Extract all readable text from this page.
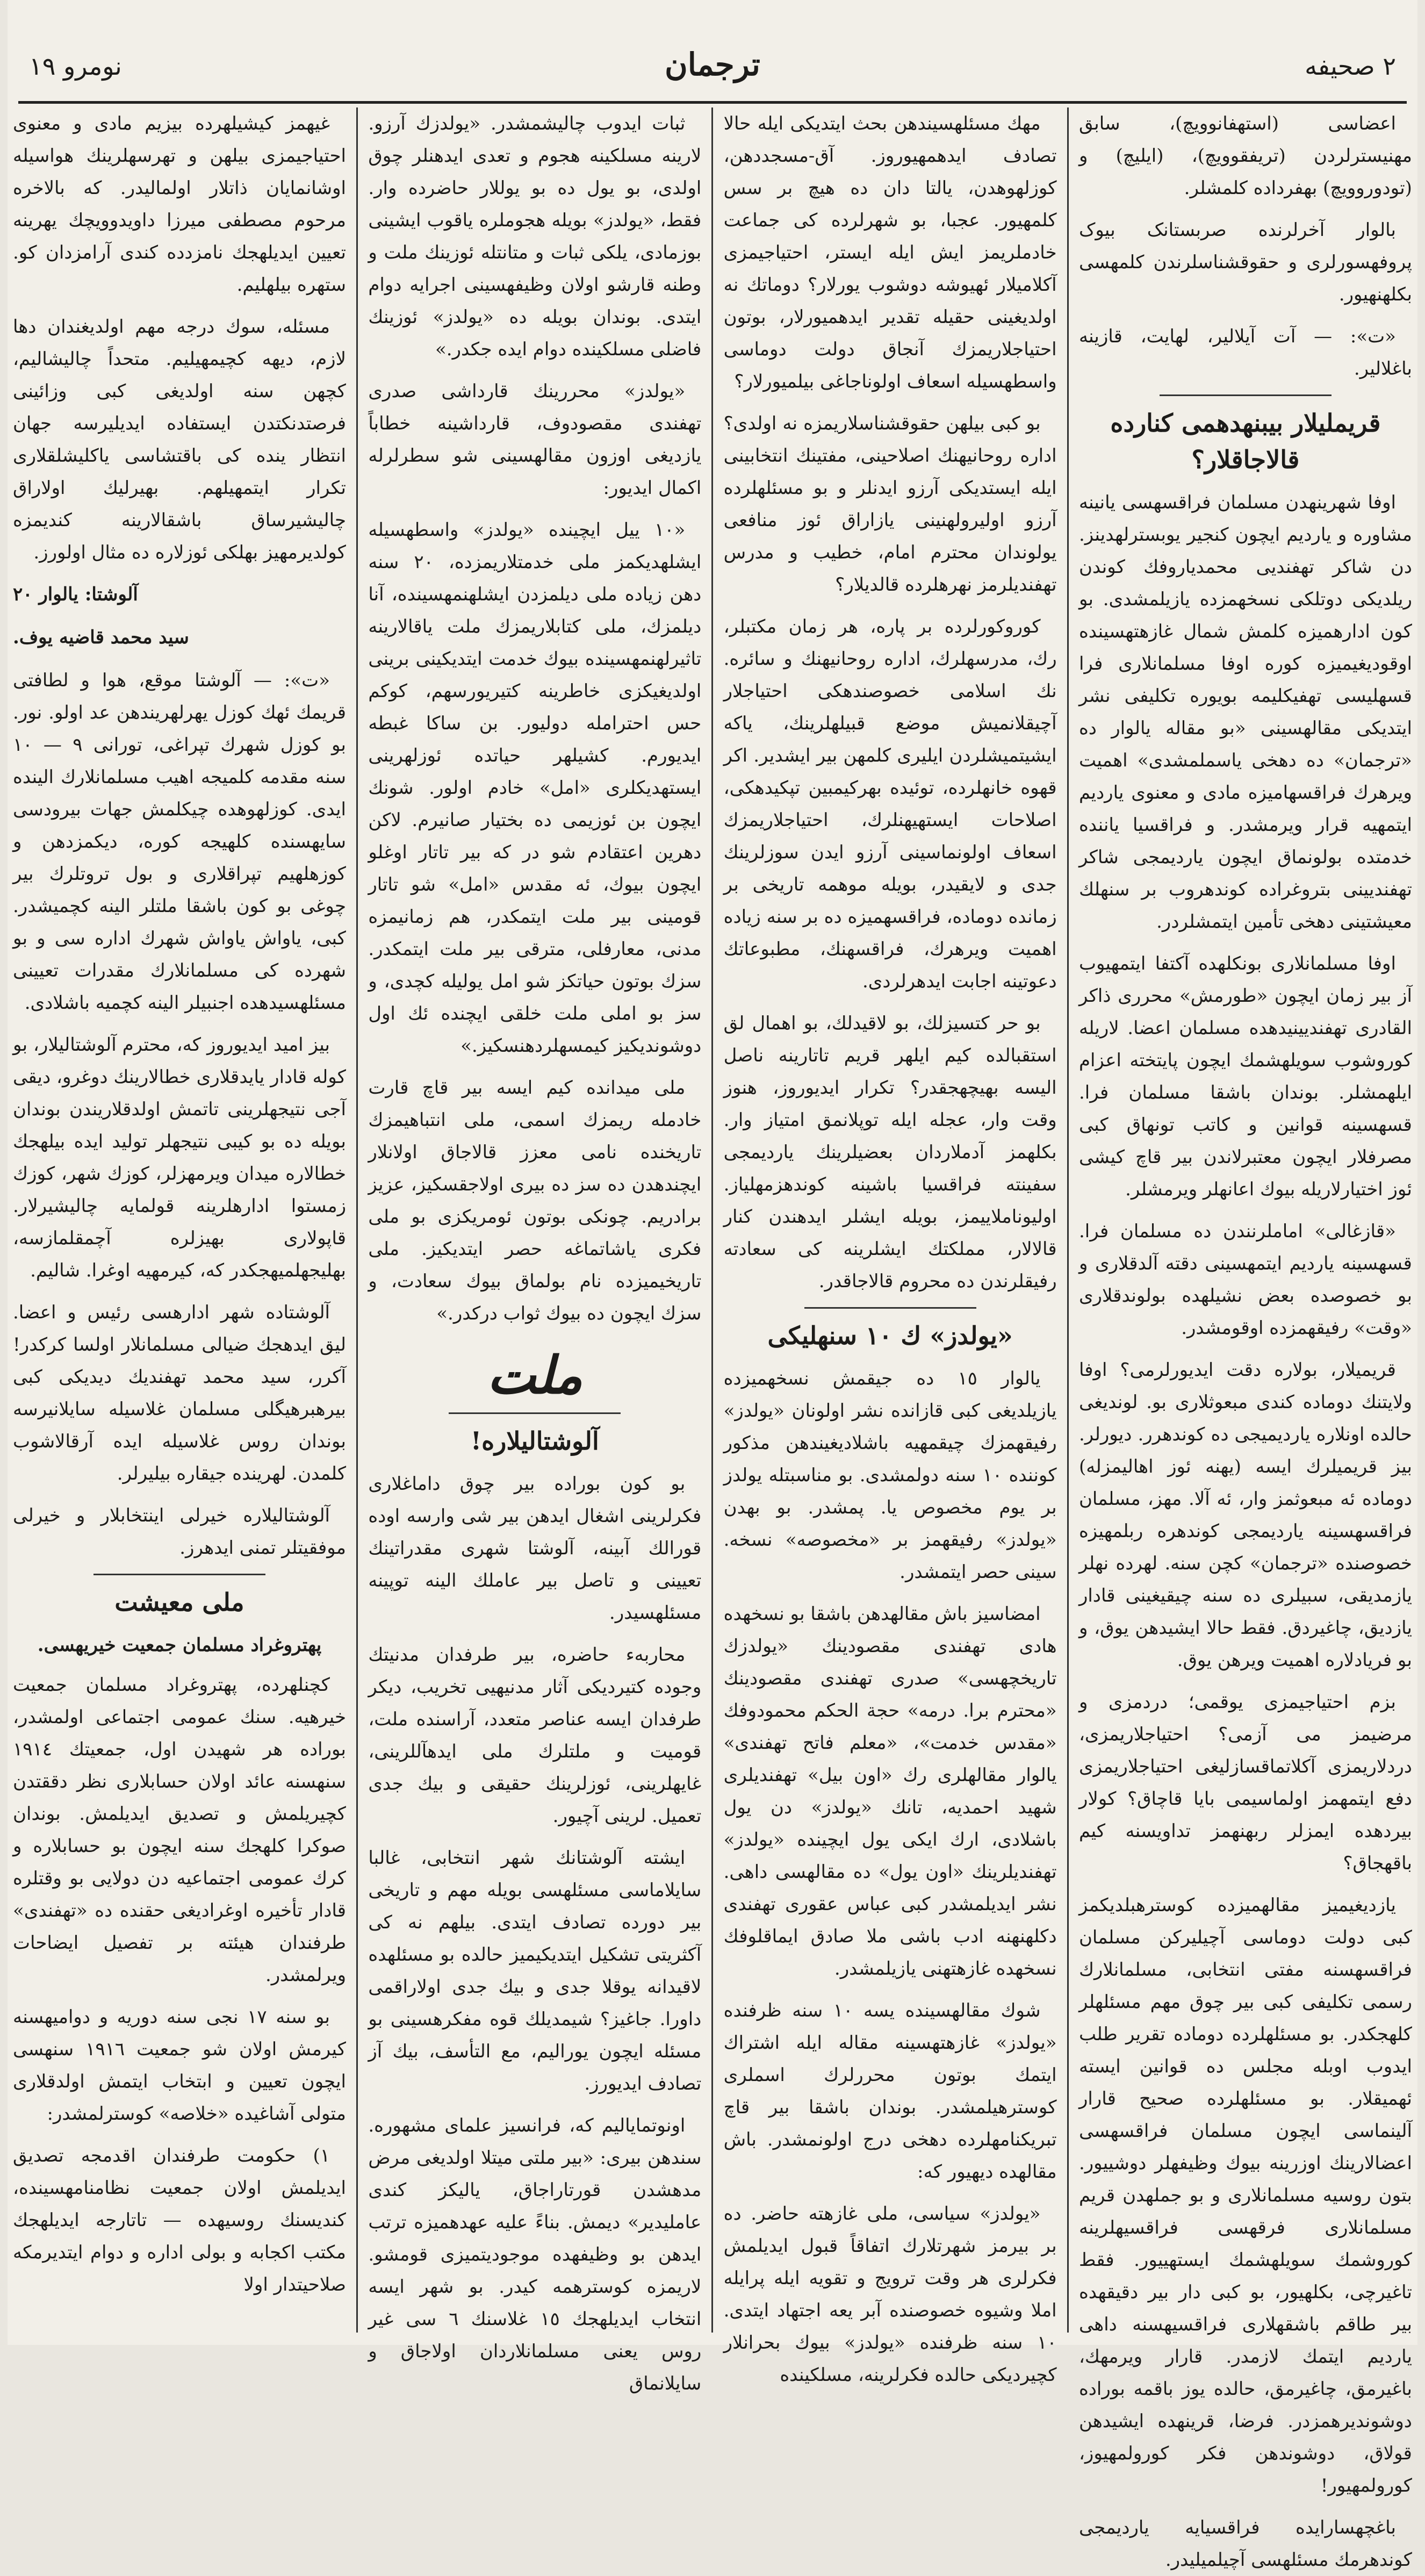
نومرو ١٩	ترجمان	٢ صحيفه

اعضاسی (استهفانوویچ)، سابق مهنیسترلردن (تریفقوویچ)، (ایلیچ) و (تودوروویچ) بهفرداده کلمشلر.

بالوار آخرلرنده صربستانک بیوک پروفهسورلری و حقوقشناسلرندن کلمهسی بکلهنهیور.

«ت»: — آت آیلالیر، لهایت، قازینه باغلالیر.

قریملیلار بیبنهدهمی کنارده قالاجاقلار؟

اوفا شهرینهدن مسلمان فراقسهسی یانینه مشاوره و یاردیم ایچون کنجیر یوبسترلهدینز. دن شاکر تهفندیی محمدیاروفك کوندن ریلدیکی دوتلکی نسخهمزده یازیلمشدی. بو کون ادارهمیزه کلمش شمال غازهتهسینده اوقودیغیمیزه کوره اوفا مسلمانلاری فرا قسهلیسی تهفیکلیمه بویوره تکلیفی نشر ایتدیکی مقالهسینی «بو مقاله یالوار ده «ترجمان» ده دهخی یاسملمشدی» اهمیت ویرهرك فراقسهامیزه مادی و معنوی یاردیم ایتمهیه قرار ویرمشدر. و فراقسیا یاننده خدمتده بولونماق ایچون یاردیمجی شاکر تهفندیینی بتروغراده کوندهروب بر سنهلك معیشتینی دهخی تأمین ایتمشلردر.

اوفا مسلمانلاری بونکلهده آکتفا ایتمهیوب آز بیر زمان ایچون «طورمش» محرری ذاکر القادری تهفندیینیدهده مسلمان اعضا. لاریله کوروشوب سویلهشمك ایچون پایتخته اعزام ایلهمشلر. بوندان باشقا مسلمان فرا. قسهسینه قوانین و کاتب تونهاق کبی مصرفلار ایچون معتبرلاندن بیر قاچ کیشی ئوز اختیارلاریله بیوك اعانهلر ویرمشلر.

«قازغالی» اماملرنندن ده مسلمان فرا. قسهسینه یاردیم ایتمهسینی دقته آلدقلاری و بو خصوصده بعض نشیلهده بولوندقلاری «وقت» رفیقهمزده اوقومشدر.

قریمیلار، بولاره دقت ایدیورلرمی؟ اوفا ولایتنك دوماده کندی مبعوثلاری بو. لوندیغی حالده اونلاره یاردیمیجی ده کوندهرر. دیورلر. بیز قریمیلرك ایسه (یهنه ئوز اهالیمزله) دوماده ئه مبعوثمز وار، ئه آلا. مهز، مسلمان فراقسهسینه یاردیمجی کوندهره ربلمهیزه خصوصنده «ترجمان» کچن سنه. لهرده نهلر یازمدیقی، سبیلری ده سنه چیقیغینی قادار یازدیق، چاغیردق. فقط حالا ایشیدهن یوق، و بو فریادلاره اهمیت ویرهن یوق.

بزم احتیاجیمزی یوقمی؛ دردمزی و مرضیمز می آزمی؟ احتیاجلاریمزی، دردلاریمزی آکلاتماقسازلیغی احتیاجلاریمزی دفع ایتمهمز اولماسیمی بایا قاچاق؟ کولار بیردهده ایمزلر ربهنهمز تداویسنه کیم باقهجاق؟

یازدیغیمیز مقالهمیزده کوسترهبلدیکمز کبی دولت دوماسی آچیلیرکن مسلمان فراقسهسنه مفتی انتخابی، مسلمانلارك رسمی تکلیفی کبی بیر چوق مهم مسئلهلر کلهجکدر. بو مسئلهلرده دوماده تقریر طلب ایدوب اوبله مجلس ده قوانین ایسته ئهمیقلار. بو مسئلهلرده صحیح قارار آلینماسی ایچون مسلمان فراقسهسی اعضالارینك اوزرینه بیوك وظیفهلر دوشییور. بتون روسیه مسلمانلاری و بو جملهدن قریم مسلمانلاری فرقهسی فراقسیهلرینه کوروشمك سویلهشمك ایستهییور. فقط تاغیرچی، بکلهیور، بو کبی دار بیر دقیقهده بیر طاقم باشقهلاری فراقسیهسنه داهی یاردیم ایتمك لازمدر. قارار ویرمهك، باغیرمق، چاغیرمق، حالده یوز باقمه بوراده دوشوندیرهمزدر. فرضا، قرینهده ایشیدهن قولاق، دوشوندهن فکر کورولمهیوز، کورولمهیور!

باغچهسارایده فراقسیایه یاردیمجی کوندهرمك مسئلهسی آچیلمیلیدر.

مهك مسئلهسیندهن بحث ایتدیکی ایله حالا تصادف ایدهمهیوروز. آق-مسجددهن، کوزلهوهدن، یالتا دان ده هیچ بر سس کلمهیور. عجبا، بو شهرلرده کی جماعت خادملریمز ایش ایله ایستر، احتیاجیمزی آکلامیلار ئهیوشه دوشوب یورلار؟ دوماتك نه اولدیغینی حقیله تقدیر ایدهمیورلار، بوتون احتیاجلاریمزك آنجاق دولت دوماسی واسطهسیله اسعاف اولوناجاغی بیلمیورلار؟

بو کبی بیلهن حقوقشناسلاریمزه نه اولدی؟ اداره روحانیهنك اصلاحینی، مفتینك انتخابینی ایله ایستدیکی آرزو ایدنلر و بو مسئلهلرده آرزو اولیرولهنینی یازاراق ئوز منافعی یولوندان محترم امام، خطیب و مدرس تهفندیلرمز نهرهلرده قالدیلار؟

کوروکورلرده بر پاره، هر زمان مکتبلر، رك، مدرسهلرك، اداره روحانیهنك و سائره. نك اسلامی خصوصندهکی احتیاجلار آچیقلانمیش موضع قبیلهلرینك، یاکه ایشیتمیشلردن ایلیری کلمهن بیر ایشدیر. اکر قهوه خانهلرده، توئیده بهرکیمبین تپکیدهکی، اصلاحات ایستهیهنلرك، احتیاجلاریمزك اسعاف اولونماسینی آرزو ایدن سوزلرینك جدی و لایقیدر، بویله موهمه تاریخی بر زمانده دوماده، فراقسهمیزه ده بر سنه زیاده اهمیت ویرهرك، فراقسهنك، مطبوعاتك دعوتینه اجابت ایدهرلردی.

بو حر کتسیزلك، بو لاقیدلك، بو اهمال لق استقبالده کیم ایلهر قریم تاتارینه ناصل الیسه بهیچهجقدر؟ تکرار ایدیوروز، هنوز وقت وار، عجله ایله توپلانمق امتیاز وار. بکلهمز آدملاردان بعضیلرینك یاردیمجی سفینته فراقسیا باشینه کوندهزمهلیاز. اولیوناملاییمز، بویله ایشلر ایدهندن کنار قالالار، مملکتك ایشلرینه کی سعادته رفیقلرندن ده محروم قالاجاقدر.

«یولدز» ك ١٠ سنهلیکی

یالوار ١٥ ده جیقمش نسخهمیزده یازیلدیغی کبی قازانده نشر اولونان «یولدز» رفیقهمزك چیقمهیه باشلادیغیندهن مذکور کوننده ١٠ سنه دولمشدی. بو مناسبتله یولدز بر یوم مخصوص یا. پمشدر. بو بهدن «یولدز» رفیقهمز بر «مخصوصه» نسخه. سینی حصر ایتمشدر.

امضاسیز باش مقالهدهن باشقا بو نسخهده هادی تهفندی مقصودینك «یولدزك تاریخچهسی» صدری تهفندی مقصودینك «محترم برا. درمه» حجة الحکم محمودوفك «مقدس خدمت»، «معلم فاتح تهفندی» یالوار مقالهلری رك «اون بیل» تهفندیلری شهید احمدیه، تانك «یولدز» دن یول باشلادی، ارك ایکی یول ایچینده «یولدز» تهفندیلرینك «اون یول» ده مقالهسی داهی. نشر ایدیلمشدر کبی عباس عقوری تهفندی دکلهنهنه ادب باشی ملا صادق ایماقلوفك نسخهده غازهتهنی یازیلمشدر.

شوك مقالهسینده یسه ١٠ سنه ظرفنده «یولدز» غازهتهسینه مقاله ایله اشتراك ایتمك بوتون محررلرك اسملری کوسترهیلمشدر. بوندان باشقا بیر قاچ تبریکنامهلرده دهخی درج اولونمشدر. باش مقالهده دیهیور که:

«یولدز» سیاسی، ملی غازهته حاضر. ده بر بیرمز شهرتلارك اتفاقاً قبول ایدیلمش فکرلری هر وقت ترویج و تقویه ایله پرایله املا وشیوه خصوصنده آبر یعه اجتهاد ایتدی. ١٠ سنه ظرفنده «یولدز» بیوك بحرانلار کچیردیکی حالده فکرلرینه، مسلکینده

ثبات ایدوب چالیشمشدر. «یولدزك آرزو. لارینه مسلکینه هجوم و تعدی ایدهنلر چوق اولدی، بو یول ده بو یوللار حاضرده وار. فقط، «یولدز» بویله هجوملره یاقوب ایشینی بوزمادی، یلکی ثبات و متانتله ئوزینك ملت و وطنه قارشو اولان وظیفهسینی اجرایه دوام ایتدی. بوندان بویله ده «یولدز» ئوزینك فاضلی مسلکینده دوام ایده جکدر.»

«یولدز» محررینك قارداشی صدری تهفندی مقصودوف، قارداشینه خطاباً یازدیغی اوزون مقالهسینی شو سطرلرله اکمال ایدیور:

«١٠ ییل ایچینده «یولدز» واسطهسیله ایشلهدیکمز ملی خدمتلاریمزده، ٢٠ سنه دهن زیاده ملی دیلمزدن ایشلهنمهسینده، آنا دیلمزك، ملی کتابلاریمزك ملت یاقالارینه تاثیرلهنمهسینده بیوك خدمت ایتدیکینی برینی اولدیغیکزی خاطرینه کتیریورسهم، کوکم حس احترامله دولیور. بن ساکا غبطه ایدیورم. کشیلهر حیاتده ئوزلهرینی ایستهدیکلری «امل» خادم اولور. شونك ایچون بن ئوزیمی ده بختیار صانیرم. لاکن دهرین اعتقادم شو در که بیر تاتار اوغلو ایچون بیوك، ئه مقدس «امل» شو تاتار قومینی بیر ملت ایتمکدر، هم زمانیمزه مدنی، معارفلی، مترقی بیر ملت ایتمکدر. سزك بوتون حیاتکز شو امل یولیله کچدی، و سز بو املی ملت خلقی ایچنده ئك اول دوشوندیکیز کیمسهلردهنسکیز.»

ملی میدانده کیم ایسه بیر قاچ قارت خادمله ریمزك اسمی، ملی انتباهیمزك تاریخنده نامی معزز قالاجاق اولانلار ایچندهدن ده سز ده بیری اولاجقسکیز، عزیز برادریم. چونکی بوتون ئومریکزی بو ملی فکری یاشاتماغه حصر ایتدیکیز. ملی تاریخیمیزده نام بولماق بیوك سعادت، و سزك ایچون ده بیوك ثواب درکدر.»

ملت
آلوشتالیلاره!

بو کون بوراده بیر چوق داماغلاری فکرلرینی اشغال ایدهن بیر شی وارسه اوده قورالك آبینه، آلوشتا شهری مقدراتینك تعیینی و تاصل بیر عاملك الینه توپینه مسئلهسیدر.

محاربهء حاضره، بیر طرفدان مدنیتك وجوده کتیردیکی آثار مدنیهیی تخریب، دیکر طرفدان ایسه عناصر متعدد، آراسنده ملت، قومیت و ملتلرك ملی ایدهآللرینی، غایهلرینی، ئوزلرینك حقیقی و بیك جدی تعمیل. لرینی آچیور.

ایشته آلوشتانك شهر انتخابی، غالبا سایلاماسی مسئلهسی بویله مهم و تاریخی بیر دورده تصادف ایتدی. بیلهم نه کی آکثریتی تشکیل ایتدیکیمیز حالده بو مسئلهده لاقیدانه یوقلا جدی و بیك جدی اولاراقمی داورا. جاغیز؟ شیمدیلك قوه مفکرهسینی بو مسئله ایچون یورالیم، مع التأسف، بیك آز تصادف ایدیورز.

اونوتمایالیم که، فرانسیز علمای مشهوره. سندهن بیری: «بیر ملتی میتلا اولدیغی مرض مدهشدن قورتاراجاق، یالیکز کندی عاملیدیر» دیمش. بناءً علیه عهدهمیزه ترتب ایدهن بو وظیفهده موجودیتمیزی قومشو. لاریمزه کوسترهمه کیدر. بو شهر ایسه انتخاب ایدیلهجك ١٥ غلاسنك ٦ سی غیر روس یعنی مسلمانلاردان اولاجاق و سایلانماق

غیهمز کیشیلهرده بیزیم مادی و معنوی احتیاجیمزی بیلهن و تهرسهلرینك هواسیله اوشانمایان ذاتلار اولمالیدر. که بالاخره مرحوم مصطفی میرزا داویدوویچك یهرینه تعیین ایدیلهجك نامزدده کندی آرامزدان کو. ستهره بیلهلیم.

مسئله، سوك درجه مهم اولدیغندان دها لازم، دیهه کچیمهیلیم. متحداً چالیشالیم، کچهن سنه اولدیغی کبی وزائینی فرصتدنکتدن ایستفاده ایدیلیرسه جهان انتظار ینده کی باقتشاسی یاکلیشلقلاری تکرار ایتمهیلهم. بهیرلیك اولاراق چالیشیرساق باشقالارینه کندیمزه کولدیرمهیز بهلکی ئوزلاره ده مثال اولورز.

آلوشتا: یالوار ٢٠
سید محمد قاضیه یوف.

«ت»: — آلوشتا موقع، هوا و لطافتی قریمك ئهك کوزل یهرلهریندهن عد اولو. نور. بو کوزل شهرك تپراغی، تورانی ٩ — ١٠ سنه مقدمه کلمیجه اهیب مسلمانلارك الینده ایدی. کوزلهوهده چیکلمش جهات بیرودسی سایهسنده کلهیجه کوره، دیکمزدهن و کوزهلهیم تپراقلاری و بول تروتلرك بیر چوغی بو کون باشقا ملتلر الینه کچمیشدر. کبی، یاواش یاواش شهرك اداره سی و بو شهرده کی مسلمانلارك مقدرات تعیینی مسئلهسیدهده اجنبیلر الینه کچمیه باشلادی.

بیز امید ایدیوروز که، محترم آلوشتالیلار، بو کوله قادار یایدقلاری خطالارینك دوغرو، دیقی آجی نتیجهلرینی تاتمش اولدقلاریندن بوندان بویله ده بو کیبی نتیجهلر تولید ایده بیلهجك خطالاره میدان ویرمهزلر، کوزك شهر، کوزك زمستوا ادارهلرینه قولمایه چالیشیرلار. قاپولاری بهیزلره آچمقلمازسه، بهلیجهلمیهجکدر که، کیرمهیه اوغرا. شالیم.

آلوشتاده شهر ادارهسی رئیس و اعضا. لیق ایدهجك ضیالی مسلمانلار اولسا کرکدر! آکرر، سید محمد تهفندیك دیدیکی کبی بیرهبرهیگلی مسلمان غلاسیله سایلانیرسه بوندان روس غلاسیله ایده آرقالاشوب کلمدن. لهرینده جیقاره بیلیرلر.

آلوشتالیلاره خیرلی اینتخابلار و خیرلی موفقیتلر تمنی ایدهرز.

ملی معیشت
پهتروغراد مسلمان جمعیت خیریهسی.

کچنلهرده، پهتروغراد مسلمان جمعیت خیرهیه. سنك عمومی اجتماعی اولمشدر، بوراده هر شهیدن اول، جمعیتك ١٩١٤ سنهسنه عائد اولان حسابلاری نظر دققتدن کچیریلمش و تصدیق ایدیلمش. بوندان صوکرا کلهجك سنه ایچون بو حسابلاره و کرك عمومی اجتماعیه دن دولایی بو وقتلره قادار تأخیره اوغرادیغی حقنده ده «تهفندی» طرفندان هیئته بر تفصیل ایضاحات ویرلمشدر.

بو سنه ١٧ نجی سنه دوریه و دوامیهسنه کیرمش اولان شو جمعیت ١٩١٦ سنهسی ایچون تعیین و ابتخاب ایتمش اولدقلاری متولی آشاغیده «خلاصه» کوسترلمشدر:

١) حکومت طرفندان اقدمجه تصدیق ایدیلمش اولان جمعیت نظامنامهسینده، کندیسنك روسیهده — تاتارجه ایدیلهجك مکتب اکجابه و بولی اداره و دوام ایتدیرمکه صلاحیتدار اولا
